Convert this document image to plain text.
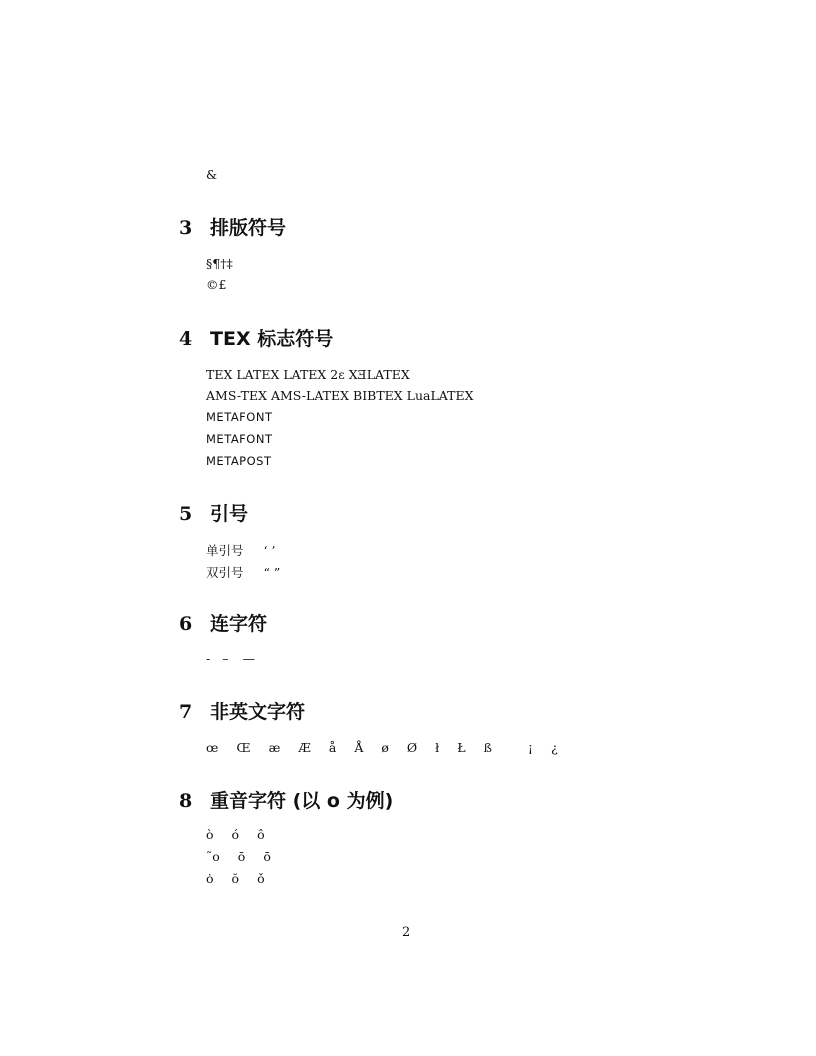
&
3 排版符号
§¶†‡
©£
4 TEX 标志符号
TEX LATEX LATEX 2ε XƎLATEX
AMS-TEX AMS-LATEX BIBTEX LuaLATEX
METAFONT
METAFONT
METAPOST
5 引号
单引号 ‘ ’
双引号 “ ”
6 连字符
- – —
7 非英文字符
œ Œ æ Æ å Å ø Ø ł Ł ß	¡ ¿
8 重音字符 (以 o 为例)
ò ó ô
˜o ō ō
ȯ ŏ ǒ
2
